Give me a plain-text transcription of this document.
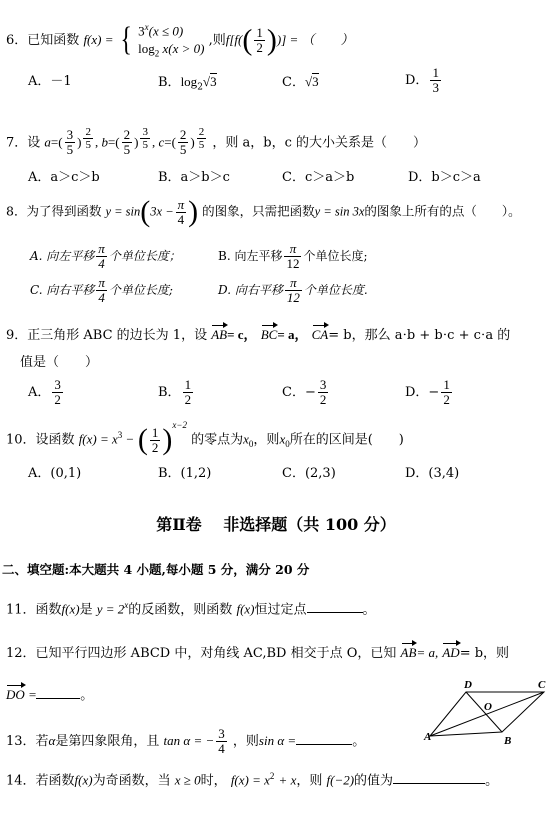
6．已知函数 f(x) = { $3^x(x \le 0)$
$\log_2 x(x > 0)$
,则$f[f(( \frac{1}{2}$ ))] = （　　）
A．－1	B．$\log_2√3$	C．√3	D． $\frac{1}{3}$
7．设 $a=( \frac{3}{5}$ ) $^{\frac{2}{5}}$ , $b=( \frac{2}{5}$ ) $^{\frac{3}{5}}$ , $c=( \frac{2}{5}$ ) $^{\frac{2}{5}}$ ，则 a，b，c 的大小关系是（　　）
A．a＞c＞b	B．a＞b＞c	C．c＞a＞b	D．b＞c＞a
8．为了得到函数 $y = \sin(3x - \frac{\pi}{4}$ ) 的图象，只需把函数y = sin 3x的图象上所有的点（　　）。
A. 向左平移 $\frac{\pi}{4}$ 个单位长度；	B. 向左平移 $\frac{\pi}{12}$ 个单位长度;
C. 向右平移 $\frac{\pi}{4}$ 个单位长度;	D. 向右平移 $\frac{\pi}{12}$ 个单位长度.
9．正三角形 ABC 的边长为 1，设 AB= c， BC= a， CA= b，那么 a⋅b + b⋅c + c⋅a 的
值是（　　）
A． $\frac{3}{2}$	B． $\frac{1}{2}$	C．− $\frac{3}{2}$	D．− $\frac{1}{2}$
10．设函数 $f(x) = x^3$ − ( $\frac{1}{2} )^{x-2}$ 的零点为$x_0$，则$x_0$所在的区间是(　　)
A．(0,1)	B．(1,2)	C．(2,3)	D．(3,4)
第Ⅱ卷　 非选择题（共 100 分）
二、填空题:本大题共 4 小题,每小题 5 分，满分 20 分
11．函数f(x)是 $y = 2^x$的反函数，则函数 f(x)恒过定点	。
12．已知平行四边形 ABCD 中，对角线 AC,BD 相交于点 O，已知 AB= a, AD= b，则
DO =	。
D	C
O
A	B
13．若α是第四象限角，且 tan α = − $\frac{3}{4}$ ，则sin α =	。
14．若函数f(x)为奇函数，当 x ≥ 0时， $f(x) = x^2 + x$，则 f(−2)的值为	。
